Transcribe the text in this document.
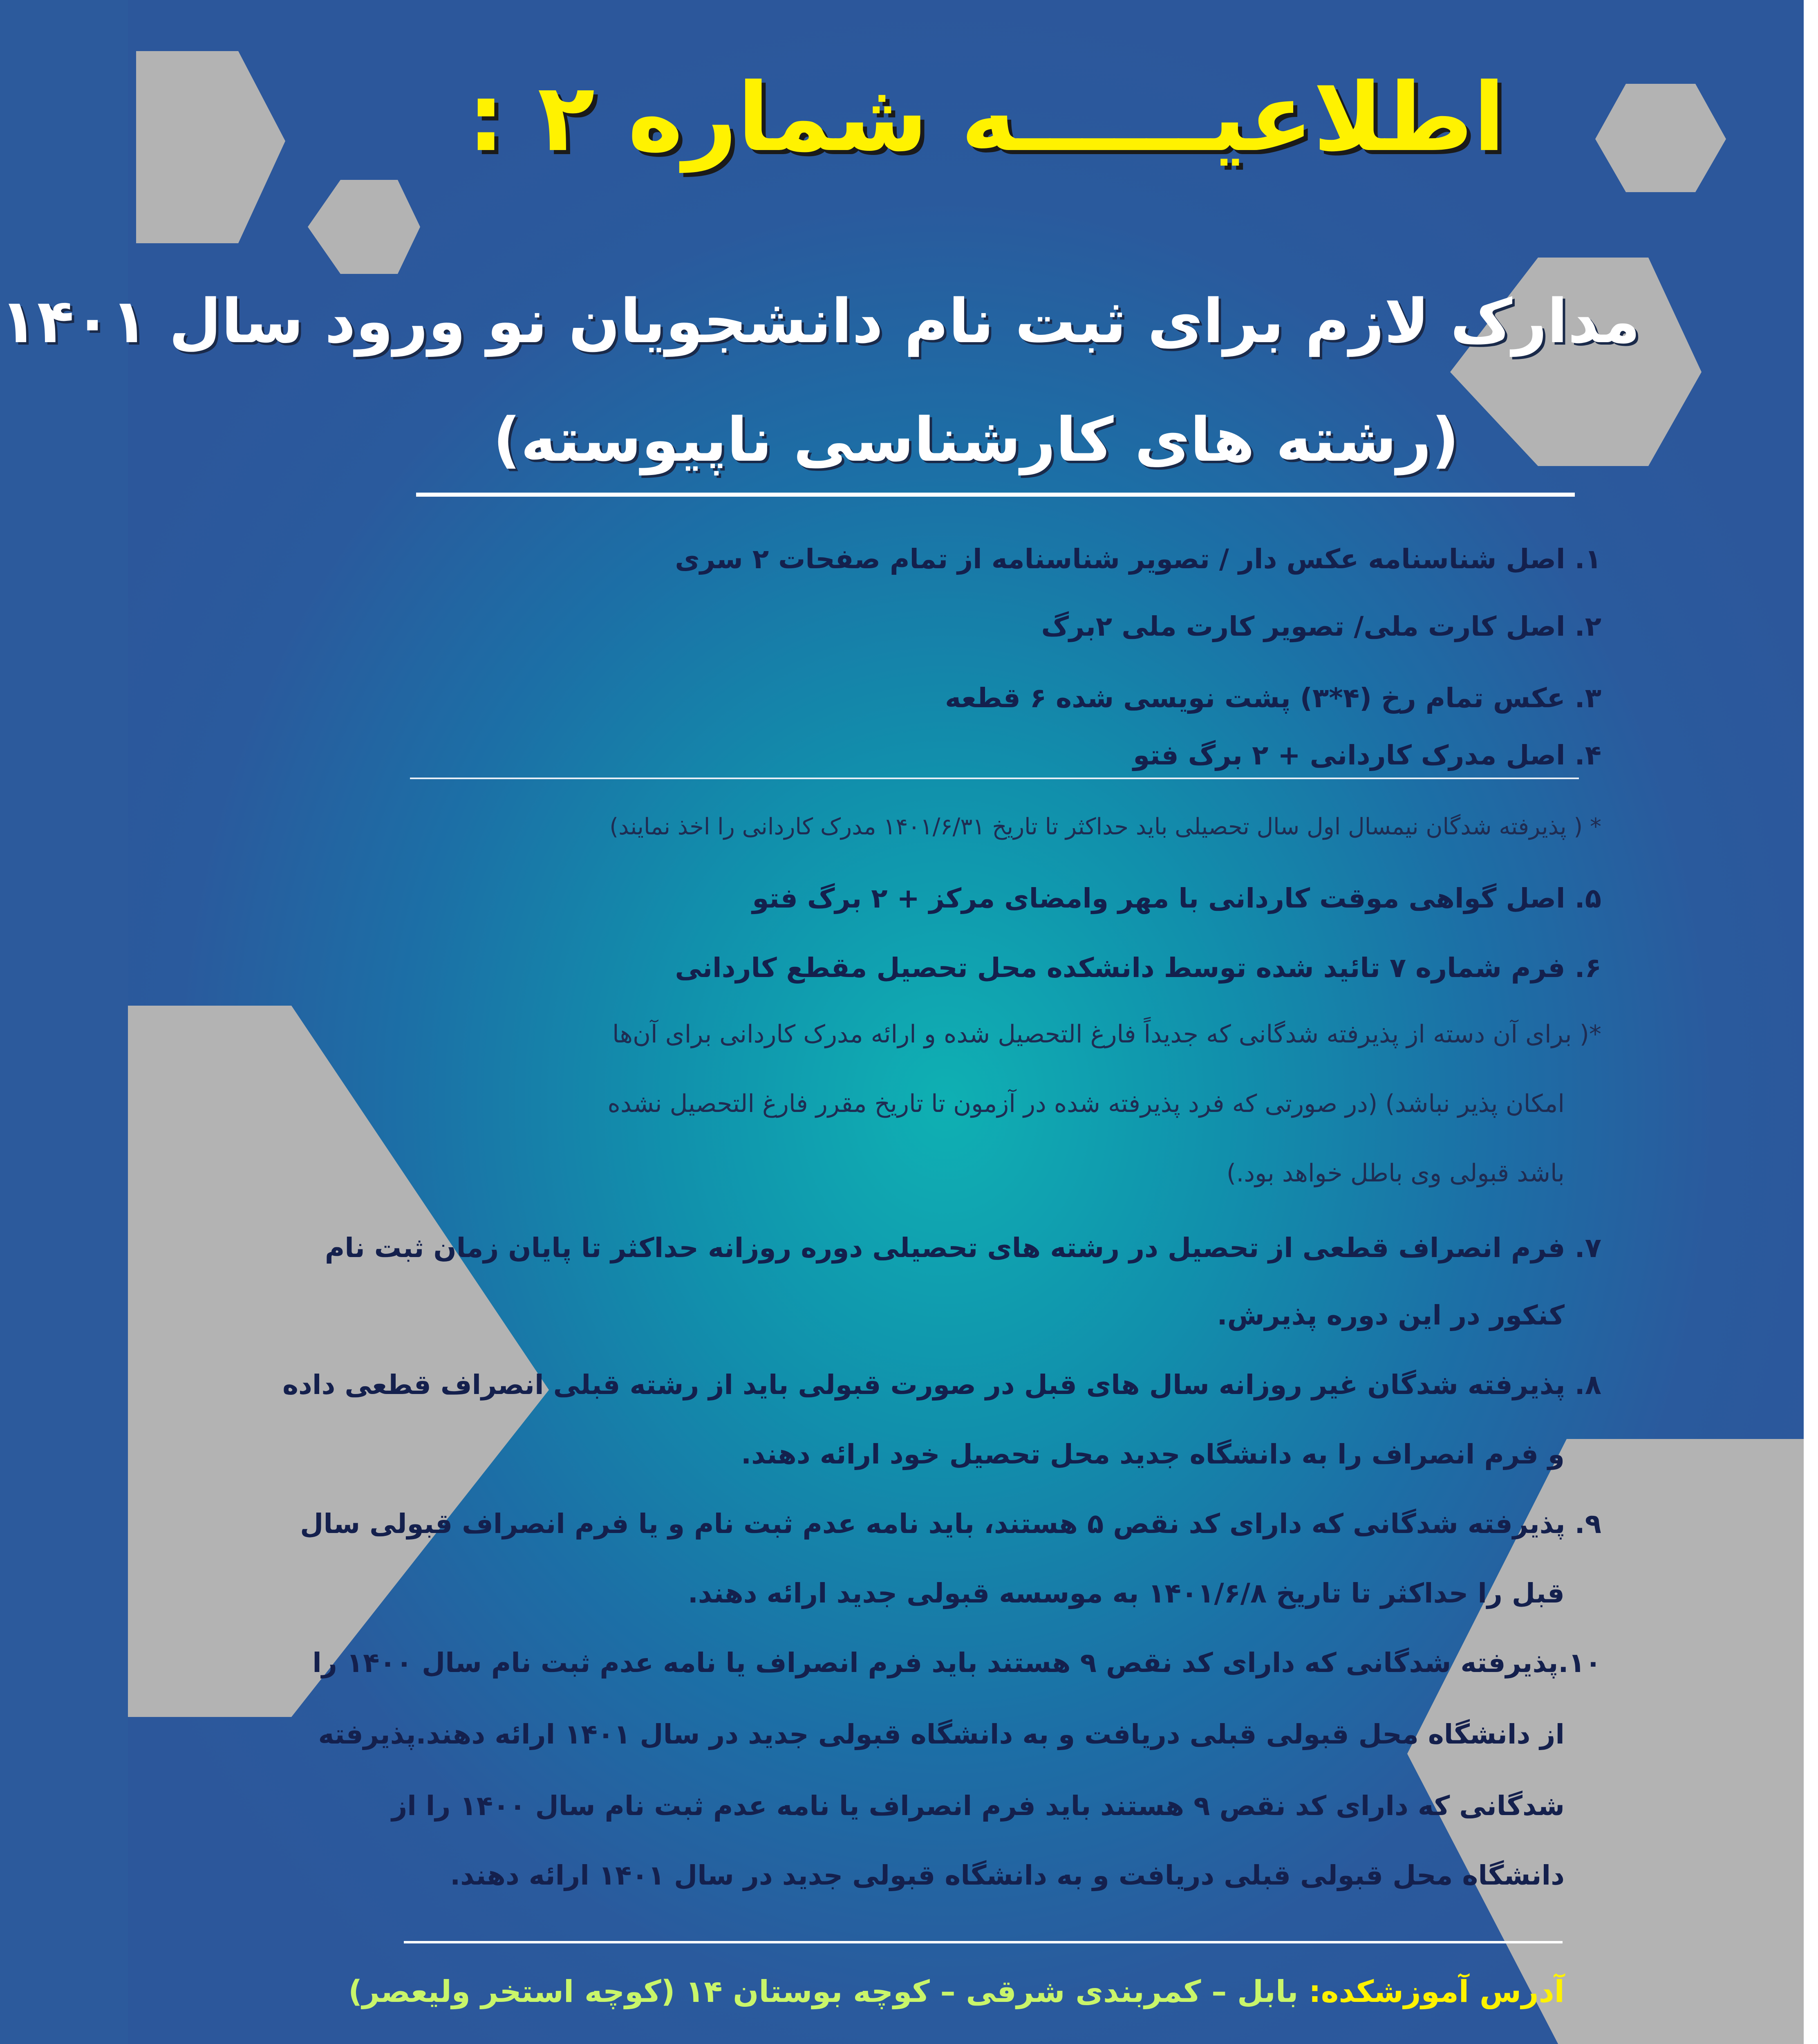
اطلاعیــــــه شماره ۲ :
مدارک لازم برای ثبت نام دانشجویان نو ورود سال ۱۴۰۱
(رشته های کارشناسی ناپیوسته)
۱. اصل شناسنامه عکس دار / تصویر شناسنامه از تمام صفحات ۲ سری
۲. اصل کارت ملی/ تصویر کارت ملی ۲برگ
۳. عکس تمام رخ (۴*۳) پشت نویسی شده ۶ قطعه
۴. اصل مدرک کاردانی + ۲ برگ فتو
* ( پذیرفته شدگان نیمسال اول سال تحصیلی باید حداکثر تا تاریخ ۱۴۰۱/۶/۳۱ مدرک کاردانی را اخذ نمایند)
۵. اصل گواهی موقت کاردانی با مهر وامضای مرکز + ۲ برگ فتو
۶. فرم شماره ۷ تائید شده توسط دانشکده محل تحصیل مقطع کاردانی
*( برای آن دسته از پذیرفته شدگانی که جدیداً فارغ التحصیل شده و ارائه مدرک کاردانی برای آن‌ها
امکان پذیر نباشد) (در صورتی که فرد پذیرفته شده در آزمون تا تاریخ مقرر فارغ التحصیل نشده
باشد قبولی وی باطل خواهد بود.)
۷. فرم انصراف قطعی از تحصیل در رشته های تحصیلی دوره روزانه حداکثر تا پایان زمان ثبت نام
کنکور در این دوره پذیرش.
۸. پذیرفته شدگان غیر روزانه سال های قبل در صورت قبولی باید از رشته قبلی انصراف قطعی داده
و فرم انصراف را به دانشگاه جدید محل تحصیل خود ارائه دهند.
۹. پذیرفته شدگانی که دارای کد نقص ۵ هستند، باید نامه عدم ثبت نام و یا فرم انصراف قبولی سال
قبل را حداکثر تا تاریخ ۱۴۰۱/۶/۸ به موسسه قبولی جدید ارائه دهند.
۱۰.پذیرفته شدگانی که دارای کد نقص ۹ هستند باید فرم انصراف یا نامه عدم ثبت نام سال ۱۴۰۰ را
از دانشگاه محل قبولی قبلی دریافت و به دانشگاه قبولی جدید در سال ۱۴۰۱ ارائه دهند.پذیرفته
شدگانی که دارای کد نقص ۹ هستند باید فرم انصراف یا نامه عدم ثبت نام سال ۱۴۰۰ را از
دانشگاه محل قبولی قبلی دریافت و به دانشگاه قبولی جدید در سال ۱۴۰۱ ارائه دهند.
آدرس آموزشکده: بابل – کمربندی شرقی – کوچه بوستان ۱۴ (کوچه استخر ولیعصر)
